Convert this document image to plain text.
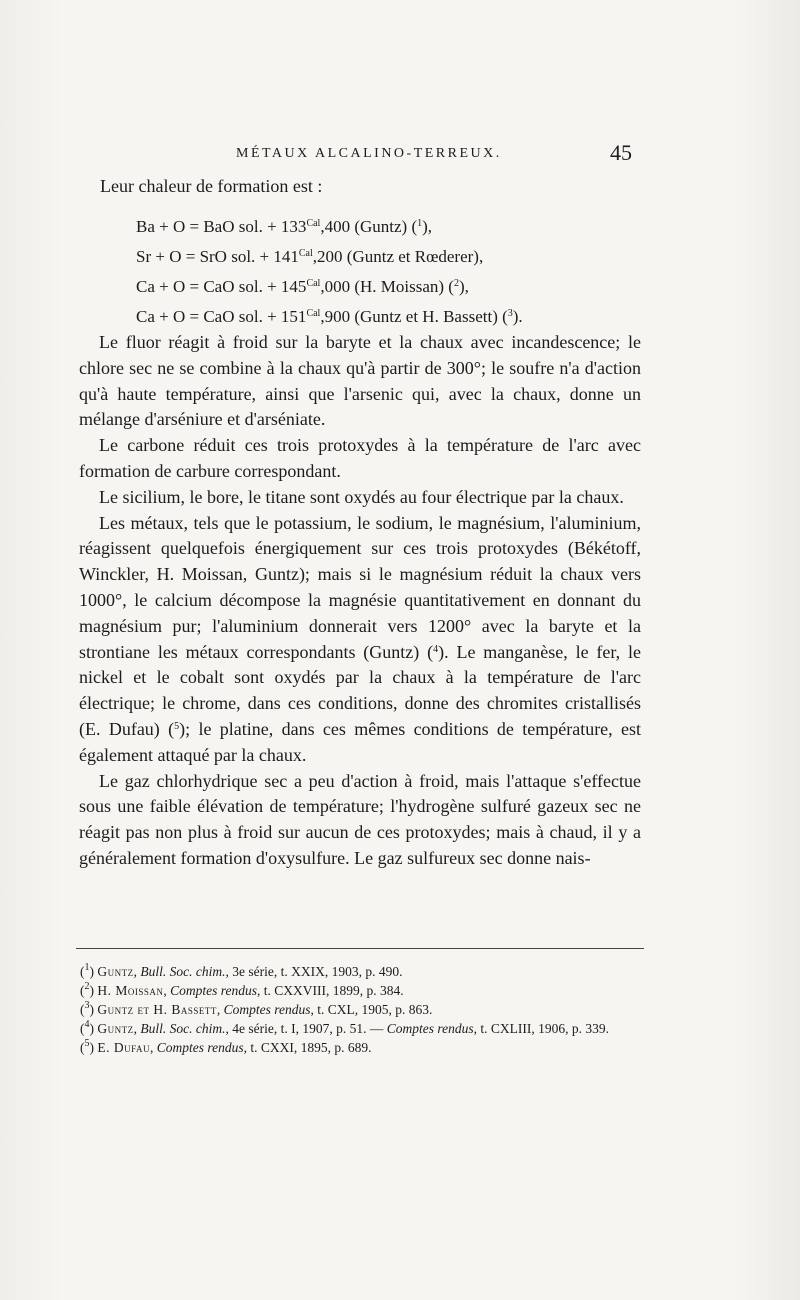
MÉTAUX ALCALINO-TERREUX.	45
Leur chaleur de formation est :
Ba + O = BaO sol. + $133^{Cal},400$ (Guntz) ($^1$),
Sr + O = SrO sol. + $141^{Cal},200$ (Guntz et Rœderer),
Ca + O = CaO sol. + $145^{Cal},000$ (H. Moissan) ($^2$),
Ca + O = CaO sol. + $151^{Cal},900$ (Guntz et H. Bassett) ($^3$).

Le fluor réagit à froid sur la baryte et la chaux avec incandescence; le chlore sec ne se combine à la chaux qu'à partir de 300°; le soufre n'a d'action qu'à haute température, ainsi que l'arsenic qui, avec la chaux, donne un mélange d'arséniure et d'arséniate.

Le carbone réduit ces trois protoxydes à la température de l'arc avec formation de carbure correspondant.

Le sicilium, le bore, le titane sont oxydés au four électrique par la chaux.

Les métaux, tels que le potassium, le sodium, le magnésium, l'aluminium, réagissent quelquefois énergiquement sur ces trois protoxydes (Békétoff, Winckler, H. Moissan, Guntz); mais si le magnésium réduit la chaux vers 1000°, le calcium décompose la magnésie quantitativement en donnant du magnésium pur; l'aluminium donnerait vers 1200° avec la baryte et la strontiane les métaux correspondants (Guntz) ($^4$). Le manganèse, le fer, le nickel et le cobalt sont oxydés par la chaux à la température de l'arc électrique; le chrome, dans ces conditions, donne des chromites cristallisés (E. Dufau) ($^5$); le platine, dans ces mêmes conditions de température, est également attaqué par la chaux.

Le gaz chlorhydrique sec a peu d'action à froid, mais l'attaque s'effectue sous une faible élévation de température; l'hydrogène sulfuré gazeux sec ne réagit pas non plus à froid sur aucun de ces protoxydes; mais à chaud, il y a généralement formation d'oxysulfure. Le gaz sulfureux sec donne nais-

($^1$) Guntz, Bull. Soc. chim., 3e série, t. XXIX, 1903, p. 490.

($^2$) H. Moissan, Comptes rendus, t. CXXVIII, 1899, p. 384.

($^3$) Guntz et H. Bassett, Comptes rendus, t. CXL, 1905, p. 863.

($^4$) Guntz, Bull. Soc. chim., 4e série, t. I, 1907, p. 51. — Comptes rendus, t. CXLIII, 1906, p. 339.

($^5$) E. Dufau, Comptes rendus, t. CXXI, 1895, p. 689.
